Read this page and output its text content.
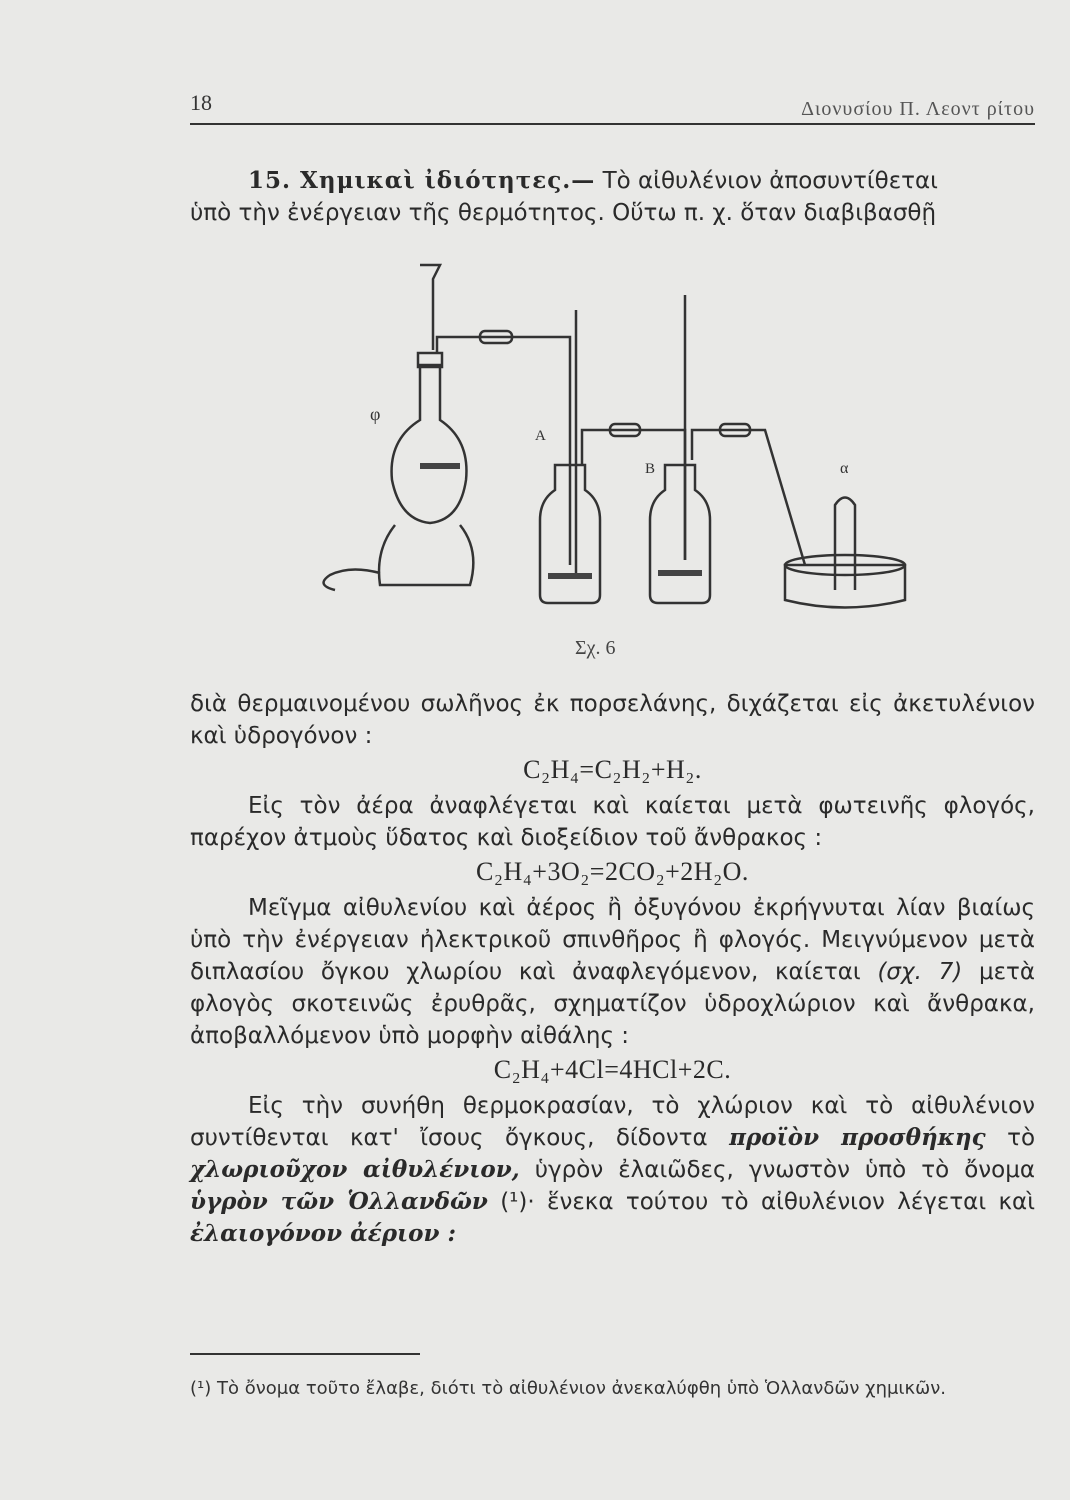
18	Διονυσίου Π. Λεοντ ρίτου

15. Χημικαὶ ἰδιότητες.— Τὸ αἰθυλένιον ἀποσυντίθεται
ὑπὸ τὴν ἐνέργειαν τῆς θερμότητος. Οὕτω π. χ. ὅταν διαβιβασθῇ

φ
Α
Β	α
Σχ. 6

διὰ θερμαινομένου σωλῆνος ἐκ πορσελάνης, διχάζεται εἰς ἀκετυλένιον καὶ ὑδρογόνον :

C₂H₄=C₂H₂+H₂.

Εἰς τὸν ἀέρα ἀναφλέγεται καὶ καίεται μετὰ φωτεινῆς φλογός, παρέχον ἀτμοὺς ὕδατος καὶ διοξείδιον τοῦ ἄνθρακος :

C₂H₄+3O₂=2CO₂+2H₂O.

Μεῖγμα αἰθυλενίου καὶ ἀέρος ἢ ὀξυγόνου ἐκρήγνυται λίαν βιαίως ὑπὸ τὴν ἐνέργειαν ἠλεκτρικοῦ σπινθῆρος ἢ φλογός. Μειγνύμενον μετὰ διπλασίου ὄγκου χλωρίου καὶ ἀναφλεγόμενον, καίεται (σχ. 7) μετὰ φλογὸς σκοτεινῶς ἐρυθρᾶς, σχηματίζον ὑδροχλώριον καὶ ἄνθρακα, ἀποβαλλόμενον ὑπὸ μορφὴν αἰθάλης :

C₂H₄+4Cl=4HCl+2C.

Εἰς τὴν συνήθη θερμοκρασίαν, τὸ χλώριον καὶ τὸ αἰθυλένιον συντίθενται κατ' ἴσους ὄγκους, δίδοντα προϊὸν προσθήκης τὸ χλωριοῦχον αἰθυλένιον, ὑγρὸν ἐλαιῶδες, γνωστὸν ὑπὸ τὸ ὄνομα ὑγρὸν τῶν Ὁλλανδῶν (¹)· ἕνεκα τούτου τὸ αἰθυλένιον λέγεται καὶ ἐλαιογόνον ἀέριον :

(¹) Τὸ ὄνομα τοῦτο ἔλαβε, διότι τὸ αἰθυλένιον ἀνεκαλύφθη ὑπὸ Ὁλλανδῶν χημικῶν.
